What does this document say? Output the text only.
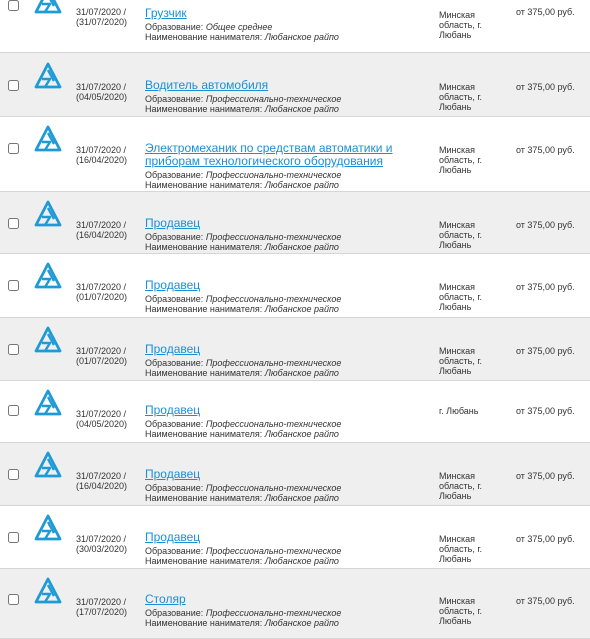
31/07/2020 /
(31/07/2020)
Грузчик
Образование: Общее среднее
Наименование нанимателя: Любанское райпо
Минская
область, г.
Любань
от 375,00 руб.
31/07/2020 /
(04/05/2020)
Водитель автомобиля
Образование: Профессионально-техническое
Наименование нанимателя: Любанское райпо
Минская
область, г.
Любань
от 375,00 руб.
31/07/2020 /
(16/04/2020)
Электромеханик по средствам автоматики и
приборам технологического оборудования
Образование: Профессионально-техническое
Наименование нанимателя: Любанское райпо
Минская
область, г.
Любань
от 375,00 руб.
31/07/2020 /
(16/04/2020)
Продавец
Образование: Профессионально-техническое
Наименование нанимателя: Любанское райпо
Минская
область, г.
Любань
от 375,00 руб.
31/07/2020 /
(01/07/2020)
Продавец
Образование: Профессионально-техническое
Наименование нанимателя: Любанское райпо
Минская
область, г.
Любань
от 375,00 руб.
31/07/2020 /
(01/07/2020)
Продавец
Образование: Профессионально-техническое
Наименование нанимателя: Любанское райпо
Минская
область, г.
Любань
от 375,00 руб.
31/07/2020 /
(04/05/2020)
Продавец
Образование: Профессионально-техническое
Наименование нанимателя: Любанское райпо
г. Любань	от 375,00 руб.
31/07/2020 /
(16/04/2020)
Продавец
Образование: Профессионально-техническое
Наименование нанимателя: Любанское райпо
Минская
область, г.
Любань
от 375,00 руб.
31/07/2020 /
(30/03/2020)
Продавец
Образование: Профессионально-техническое
Наименование нанимателя: Любанское райпо
Минская
область, г.
Любань
от 375,00 руб.
31/07/2020 /
(17/07/2020)
Столяр
Образование: Профессионально-техническое
Наименование нанимателя: Любанское райпо
Минская
область, г.
Любань
от 375,00 руб.
